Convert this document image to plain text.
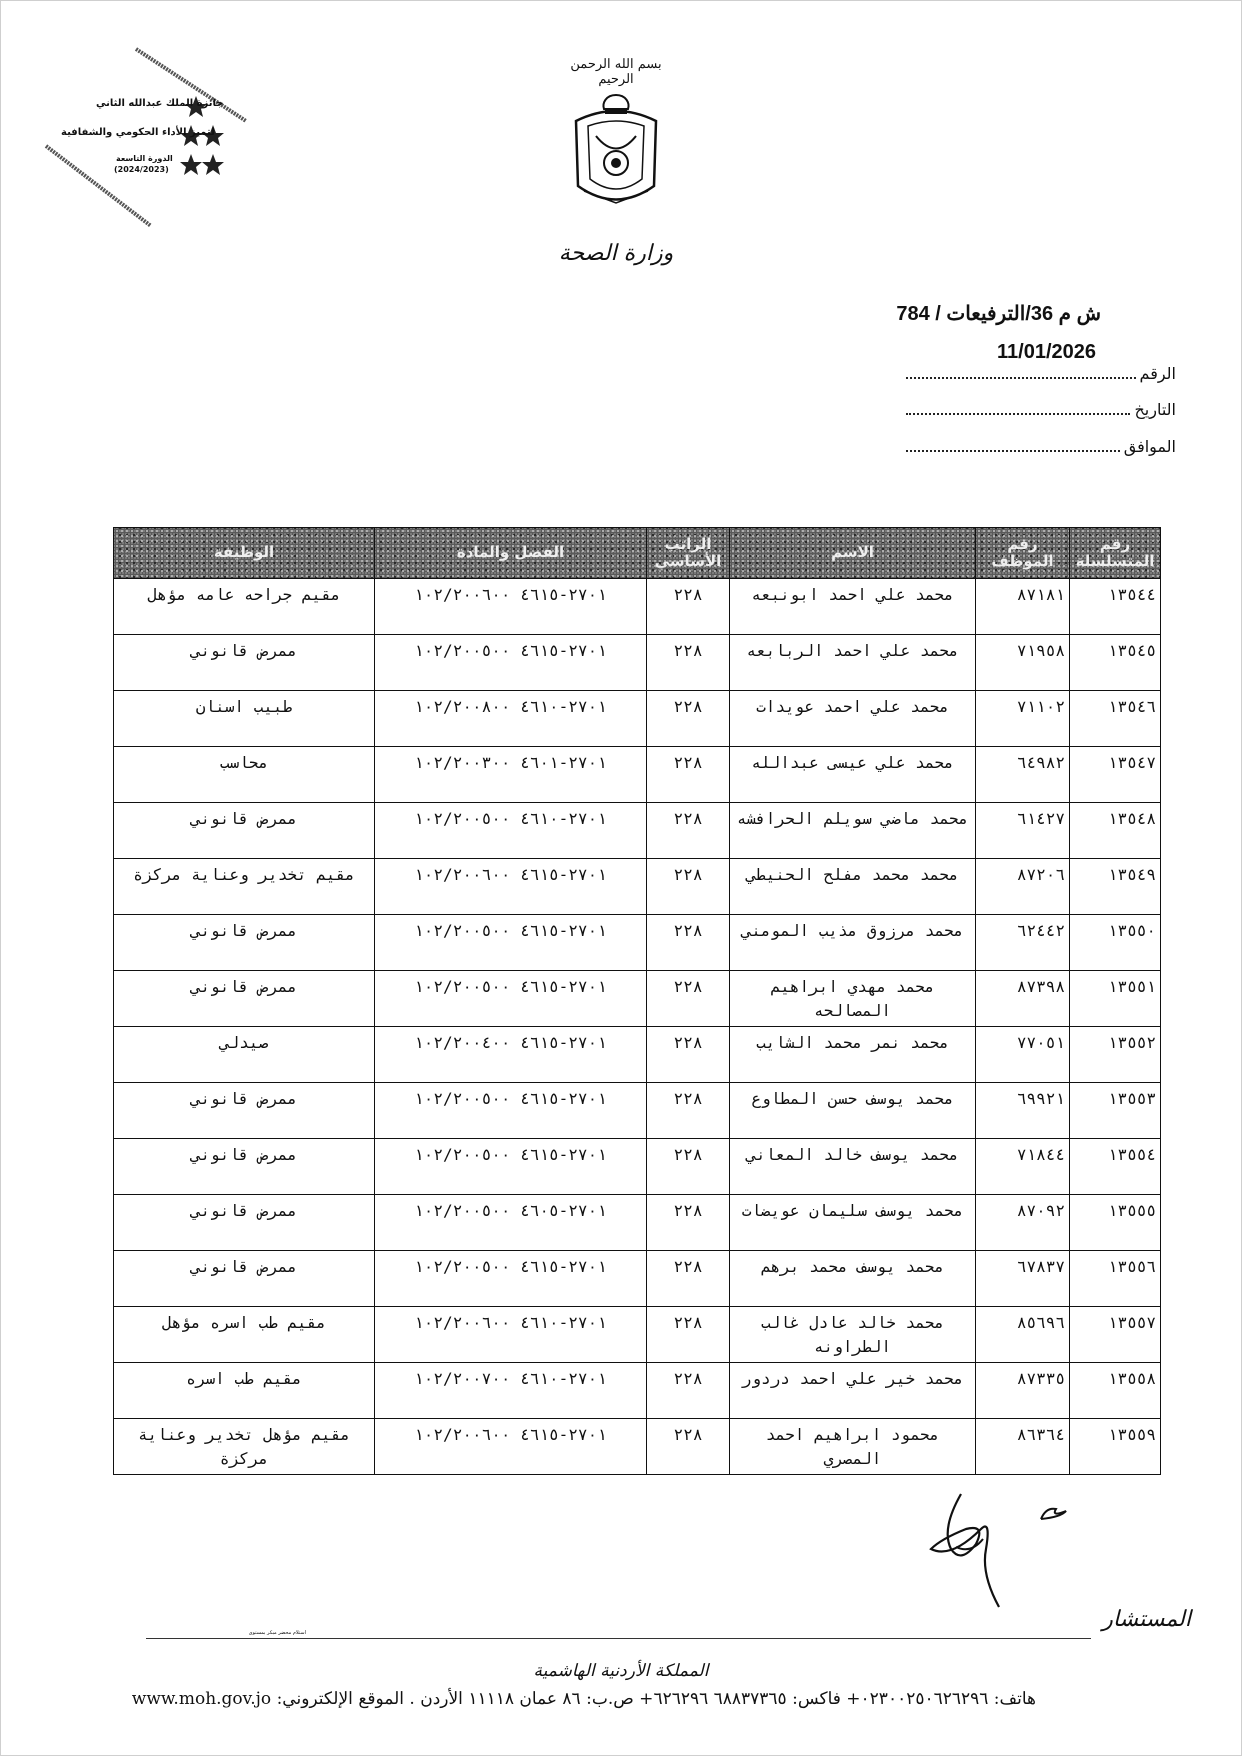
جائزة الملك عبدالله الثاني
لتميز الأداء الحكومي والشفافية
الدورة التاسعة
(2024/2023)
بسم الله الرحمن الرحيم
وزارة الصحة
ش م 36/الترفيعات / 784
11/01/2026
الرقم
التاريخ
الموافق
رقم المتسلسلة	رقم الموظف	الاسم	الراتب الأساسي	الفصل والمادة	الوظيفة
١٣٥٤٤	٨٧١٨١	محمد علي احمد ابونبعه	٢٢٨	٢٧٠١-٤٦١٥ ١٠٢/٢٠٠٦٠٠	مقيم جراحه عامه مؤهل
١٣٥٤٥	٧١٩٥٨	محمد علي احمد الربابعه	٢٢٨	٢٧٠١-٤٦١٥ ١٠٢/٢٠٠٥٠٠	ممرض قانوني
١٣٥٤٦	٧١١٠٢	محمد علي احمد عويدات	٢٢٨	٢٧٠١-٤٦١٠ ١٠٢/٢٠٠٨٠٠	طبيب اسنان
١٣٥٤٧	٦٤٩٨٢	محمد علي عيسى عبدالله	٢٢٨	٢٧٠١-٤٦٠١ ١٠٢/٢٠٠٣٠٠	محاسب
١٣٥٤٨	٦١٤٢٧	محمد ماضي سويلم الحرافشه	٢٢٨	٢٧٠١-٤٦١٠ ١٠٢/٢٠٠٥٠٠	ممرض قانوني
١٣٥٤٩	٨٧٢٠٦	محمد محمد مفلح الحنيطي	٢٢٨	٢٧٠١-٤٦١٥ ١٠٢/٢٠٠٦٠٠	مقيم تخدير وعناية مركزة
١٣٥٥٠	٦٢٤٤٢	محمد مرزوق مذيب المومني	٢٢٨	٢٧٠١-٤٦١٥ ١٠٢/٢٠٠٥٠٠	ممرض قانوني
١٣٥٥١	٨٧٣٩٨	محمد مهدي ابراهيم المصالحه	٢٢٨	٢٧٠١-٤٦١٥ ١٠٢/٢٠٠٥٠٠	ممرض قانوني
١٣٥٥٢	٧٧٠٥١	محمد نمر محمد الشايب	٢٢٨	٢٧٠١-٤٦١٥ ١٠٢/٢٠٠٤٠٠	صيدلي
١٣٥٥٣	٦٩٩٢١	محمد يوسف حسن المطاوع	٢٢٨	٢٧٠١-٤٦١٥ ١٠٢/٢٠٠٥٠٠	ممرض قانوني
١٣٥٥٤	٧١٨٤٤	محمد يوسف خالد المعاني	٢٢٨	٢٧٠١-٤٦١٥ ١٠٢/٢٠٠٥٠٠	ممرض قانوني
١٣٥٥٥	٨٧٠٩٢	محمد يوسف سليمان عويضات	٢٢٨	٢٧٠١-٤٦٠٥ ١٠٢/٢٠٠٥٠٠	ممرض قانوني
١٣٥٥٦	٦٧٨٣٧	محمد يوسف محمد برهم	٢٢٨	٢٧٠١-٤٦١٥ ١٠٢/٢٠٠٥٠٠	ممرض قانوني
١٣٥٥٧	٨٥٦٩٦	محمد خالد عادل غالب الطراونه	٢٢٨	٢٧٠١-٤٦١٠ ١٠٢/٢٠٠٦٠٠	مقيم طب اسره مؤهل
١٣٥٥٨	٨٧٣٣٥	محمد خير علي احمد دردور	٢٢٨	٢٧٠١-٤٦١٠ ١٠٢/٢٠٠٧٠٠	مقيم طب اسره
١٣٥٥٩	٨٦٣٦٤	محمود ابراهيم احمد المصري	٢٢٨	٢٧٠١-٤٦١٥ ١٠٢/٢٠٠٦٠٠	مقيم مؤهل تخدير وعناية مركزة
المستشار
استلام محضر مبكر بمستوى
المملكة الأردنية الهاشمية
هاتف: ٠٢٣٠٠٢٥٠٦٢٦٢٩٦+ فاكس: ٦٨٨٣٧٣٦٥ ٦٢٦٢٩٦+ ص.ب: ٨٦ عمان ١١١١٨ الأردن . الموقع الإلكتروني: www.moh.gov.jo
